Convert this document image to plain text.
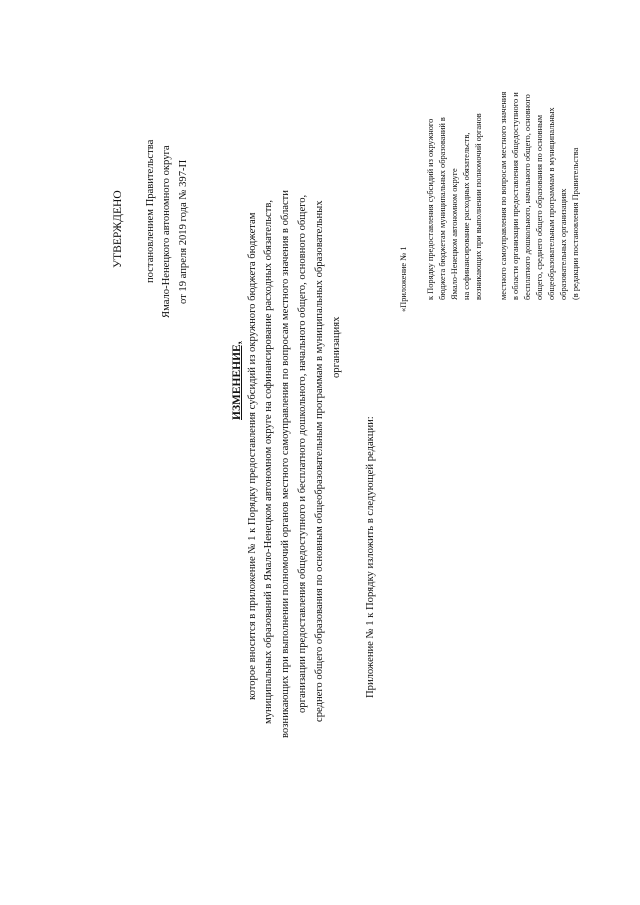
УТВЕРЖДЕНО постановлением Правительства Ямало-Ненецкого автономного округа от 19 апреля 2019 года № 397-П
ИЗМЕНЕНИЕ, которое вносится в приложение № 1 к Порядку предоставления субсидий из окружного бюджета бюджетам муниципальных образований в Ямало-Ненецком автономном округе на софинансирование расходных обязательств, возникающих при выполнении полномочий органов местного самоуправления по вопросам местного значения в области организации предоставления общедоступного и бесплатного дошкольного, начального общего, основного общего, среднего общего образования по основным общеобразовательным программам в муниципальных образовательных организациях
Приложение № 1 к Порядку изложить в следующей редакции:
«Приложение № 1 к Порядку предоставления субсидий из окружного бюджета бюджетам муниципальных образований в Ямало-Ненецком автономном округе на софинансирование расходных обязательств, возникающих при выполнении полномочий органов местного самоуправления по вопросам местного значения в области организации предоставления общедоступного и бесплатного дошкольного, начального общего, основного общего, среднего общего образования по основным общеобразовательным программам в муниципальных образовательных организациях (в редакции постановления Правительства
